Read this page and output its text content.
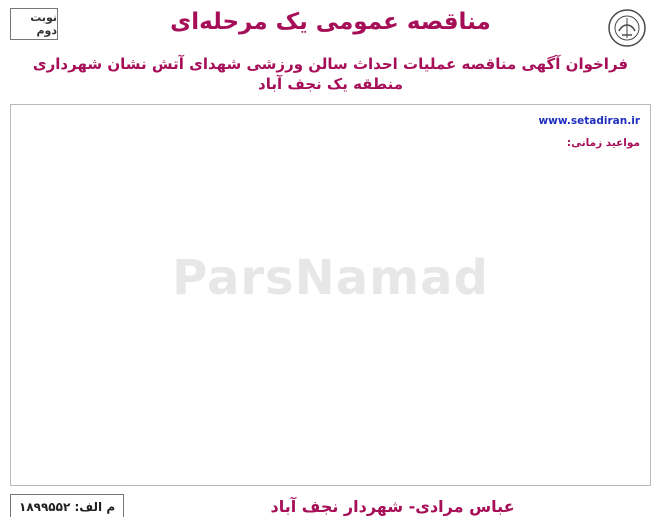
نوبت دوم	مناقصه عمومی یک مرحله‌ای
فراخوان آگهی مناقصه عملیات احداث سالن ورزشی شهدای آتش نشان شهرداری منطقه یک نجف آباد
ParsNamad

www.setadiran.ir

مواعید زمانی:

عباس مرادی- شهردار نجف آباد
م الف: ۱۸۹۹۵۵۲
